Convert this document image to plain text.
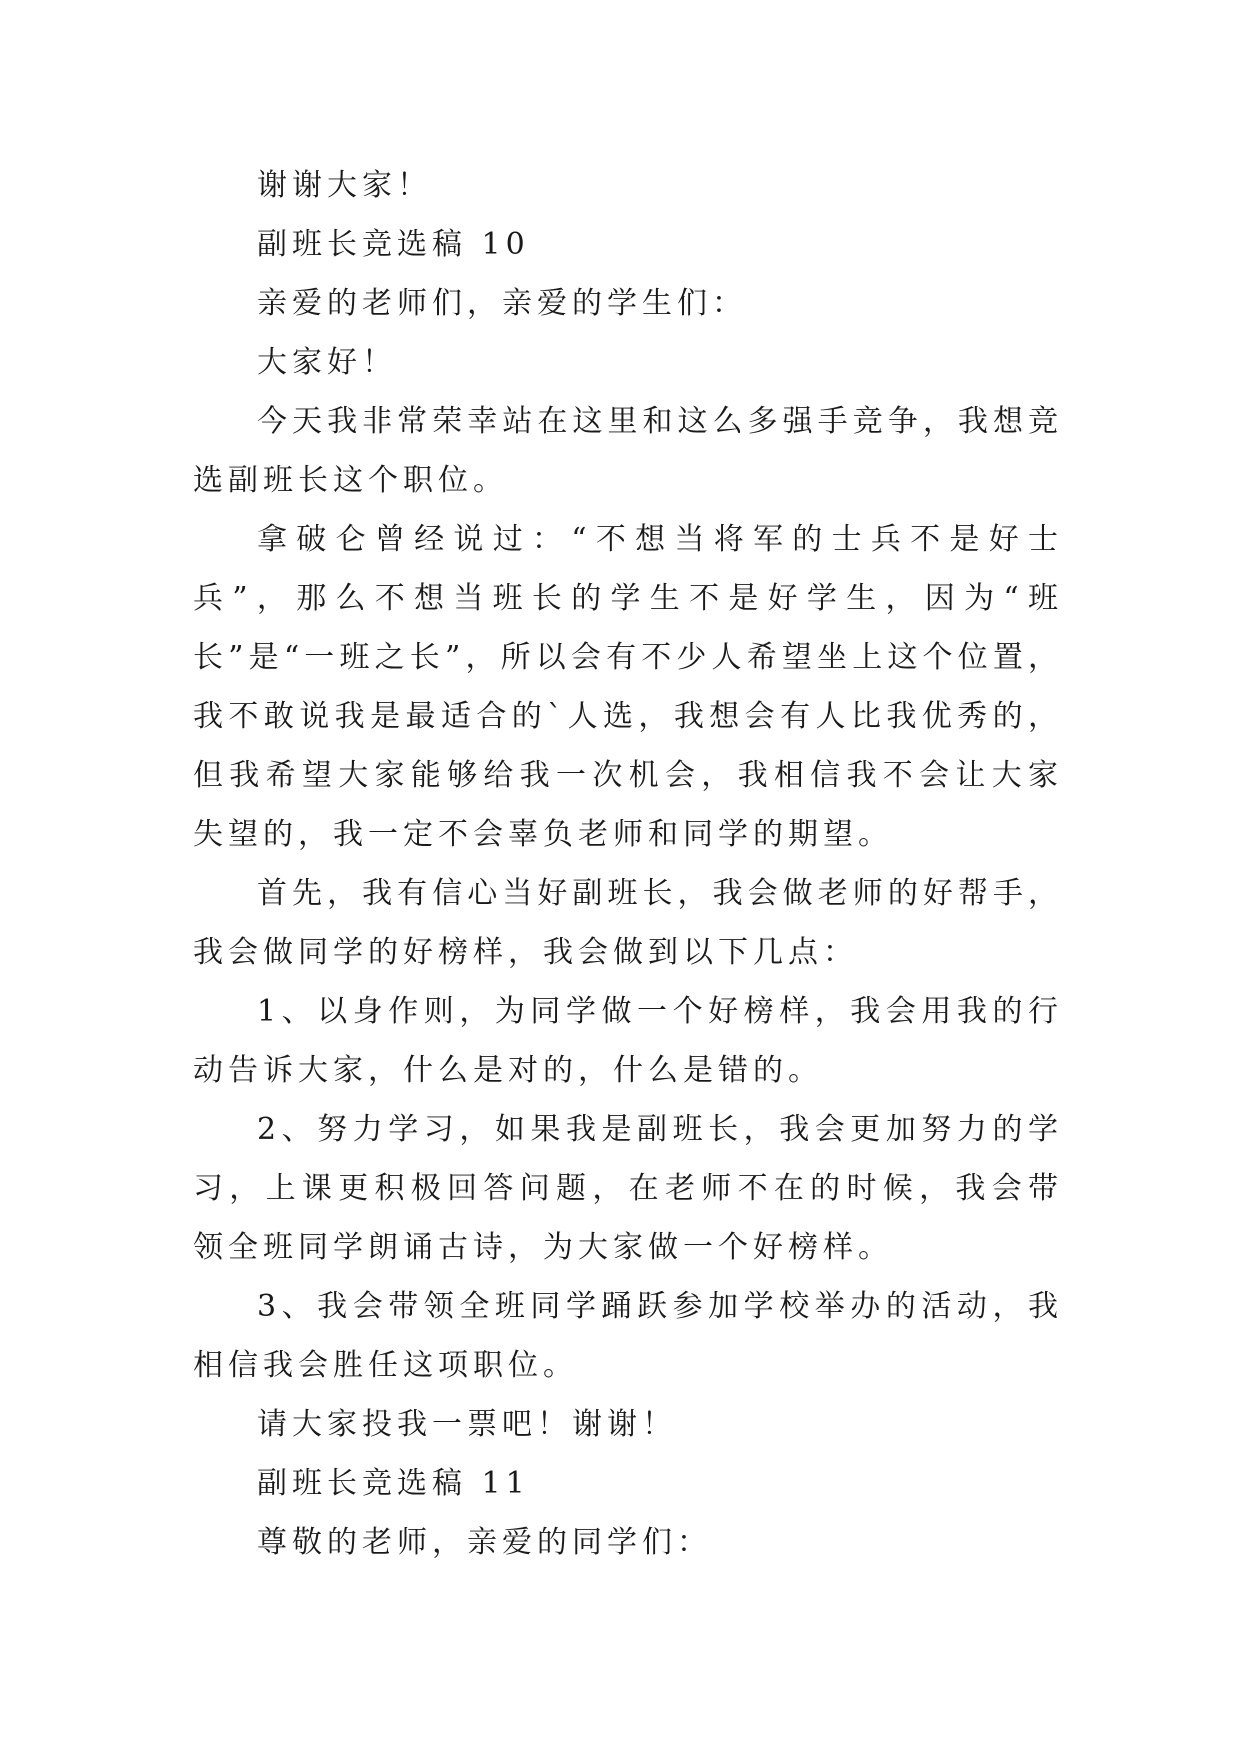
谢谢大家！

副班长竞选稿 10

亲爱的老师们，亲爱的学生们：

大家好！

今天我非常荣幸站在这里和这么多强手竞争，我想竞选副班长这个职位。

拿破仑曾经说过：“不想当将军的士兵不是好士兵”，那么不想当班长的学生不是好学生，因为“班长”是“一班之长”，所以会有不少人希望坐上这个位置，我不敢说我是最适合的`人选，我想会有人比我优秀的，但我希望大家能够给我一次机会，我相信我不会让大家失望的，我一定不会辜负老师和同学的期望。

首先，我有信心当好副班长，我会做老师的好帮手，我会做同学的好榜样，我会做到以下几点：

1、以身作则，为同学做一个好榜样，我会用我的行动告诉大家，什么是对的，什么是错的。

2、努力学习，如果我是副班长，我会更加努力的学习，上课更积极回答问题，在老师不在的时候，我会带领全班同学朗诵古诗，为大家做一个好榜样。

3、我会带领全班同学踊跃参加学校举办的活动，我相信我会胜任这项职位。

请大家投我一票吧！谢谢！

副班长竞选稿 11

尊敬的老师，亲爱的同学们：
